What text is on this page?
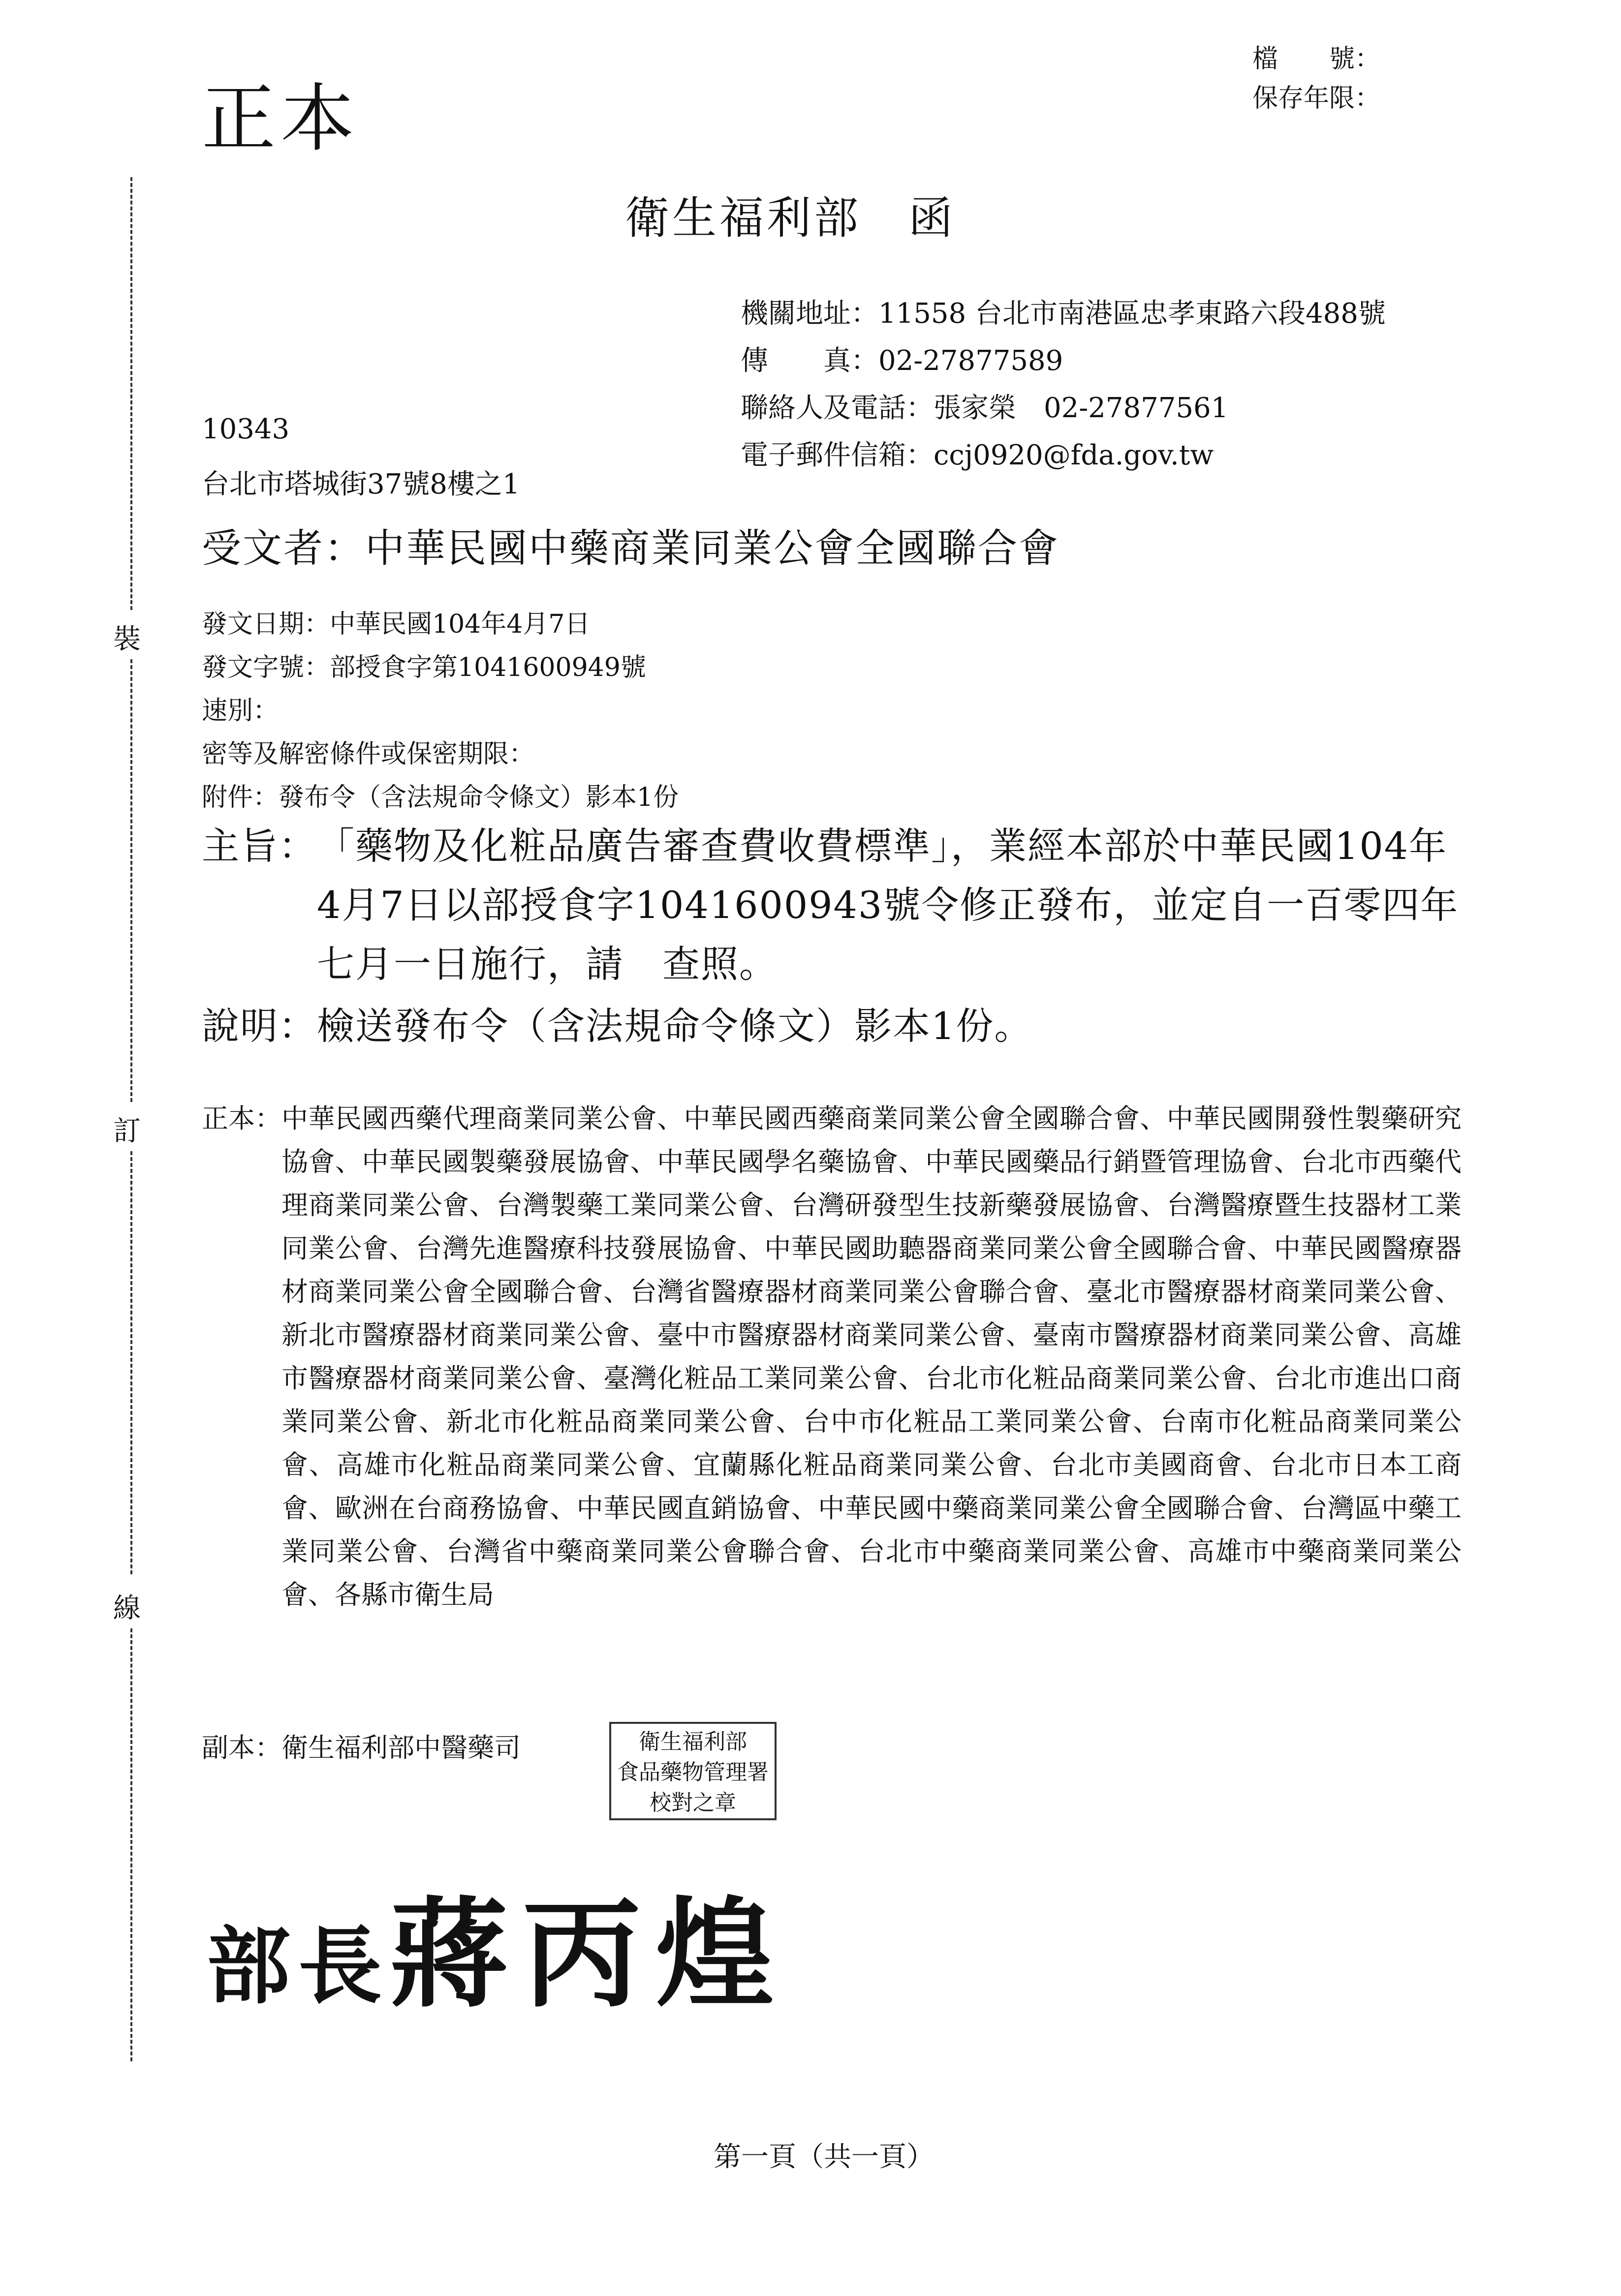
裝
訂
線
正本
檔　　號：
保存年限：
衛生福利部　函
機關地址：11558 台北市南港區忠孝東路六段488號
傳　　真：02-27877589
聯絡人及電話：張家榮　02-27877561
電子郵件信箱：ccj0920@fda.gov.tw
10343
台北市塔城街37號8樓之1
受文者：中華民國中藥商業同業公會全國聯合會
發文日期：中華民國104年4月7日
發文字號：部授食字第1041600949號
速別：
密等及解密條件或保密期限：
附件：發布令（含法規命令條文）影本1份
主旨： 「藥物及化粧品廣告審查費收費標準」，業經本部於中華民國104年4月7日以部授食字1041600943號令修正發布，並定自一百零四年七月一日施行，請　查照。
說明：檢送發布令（含法規命令條文）影本1份。
正本： 中華民國西藥代理商業同業公會、中華民國西藥商業同業公會全國聯合會、中華民國開發性製藥研究協會、中華民國製藥發展協會、中華民國學名藥協會、中華民國藥品行銷暨管理協會、台北市西藥代理商業同業公會、台灣製藥工業同業公會、台灣研發型生技新藥發展協會、台灣醫療暨生技器材工業同業公會、台灣先進醫療科技發展協會、中華民國助聽器商業同業公會全國聯合會、中華民國醫療器材商業同業公會全國聯合會、台灣省醫療器材商業同業公會聯合會、臺北市醫療器材商業同業公會、新北市醫療器材商業同業公會、臺中市醫療器材商業同業公會、臺南市醫療器材商業同業公會、高雄市醫療器材商業同業公會、臺灣化粧品工業同業公會、台北市化粧品商業同業公會、台北市進出口商業同業公會、新北市化粧品商業同業公會、台中市化粧品工業同業公會、台南市化粧品商業同業公會、高雄市化粧品商業同業公會、宜蘭縣化粧品商業同業公會、台北市美國商會、台北市日本工商會、歐洲在台商務協會、中華民國直銷協會、中華民國中藥商業同業公會全國聯合會、台灣區中藥工業同業公會、台灣省中藥商業同業公會聯合會、台北市中藥商業同業公會、高雄市中藥商業同業公會、各縣市衛生局
副本：衛生福利部中醫藥司	衛生福利部
食品藥物管理署
校對之章
部長蔣丙煌
第一頁（共一頁）
